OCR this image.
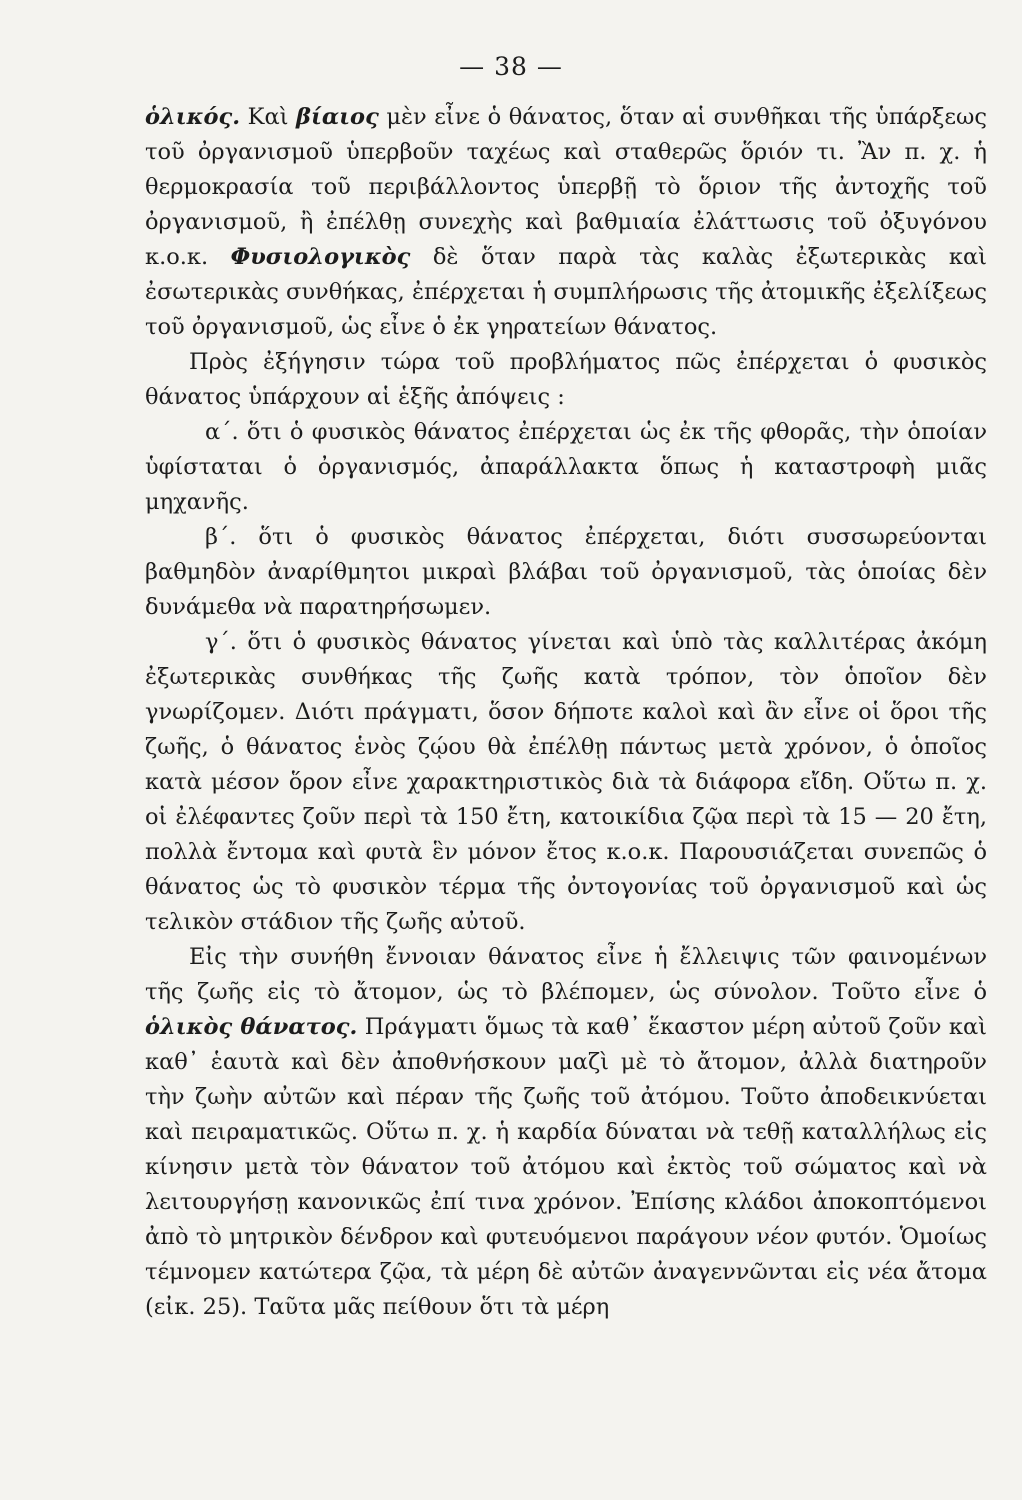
— 38 —

ὁλικός. Καὶ βίαιος μὲν εἶνε ὁ θάνατος, ὅταν αἱ συνθῆκαι τῆς ὑπάρξεως τοῦ ὀργανισμοῦ ὑπερβοῦν ταχέως καὶ σταθερῶς ὅριόν τι. Ἂν π. χ. ἡ θερμοκρασία τοῦ περιβάλλοντος ὑπερβῇ τὸ ὅριον τῆς ἀντοχῆς τοῦ ὀργανισμοῦ, ἢ ἐπέλθῃ συνεχὴς καὶ βαθμιαία ἐλάττωσις τοῦ ὀξυγόνου κ.ο.κ. Φυσιολογικὸς δὲ ὅταν παρὰ τὰς καλὰς ἐξωτερικὰς καὶ ἐσωτερικὰς συνθήκας, ἐπέρχεται ἡ συμπλήρωσις τῆς ἀτομικῆς ἐξελίξεως τοῦ ὀργανισμοῦ, ὡς εἶνε ὁ ἐκ γηρατείων θάνατος.

Πρὸς ἐξήγησιν τώρα τοῦ προβλήματος πῶς ἐπέρχεται ὁ φυσικὸς θάνατος ὑπάρχουν αἱ ἑξῆς ἀπόψεις :

α΄. ὅτι ὁ φυσικὸς θάνατος ἐπέρχεται ὡς ἐκ τῆς φθορᾶς, τὴν ὁποίαν ὑφίσταται ὁ ὀργανισμός, ἀπαράλλακτα ὅπως ἡ καταστροφὴ μιᾶς μηχανῆς.

β΄. ὅτι ὁ φυσικὸς θάνατος ἐπέρχεται, διότι συσσωρεύονται βαθμηδὸν ἀναρίθμητοι μικραὶ βλάβαι τοῦ ὀργανισμοῦ, τὰς ὁποίας δὲν δυνάμεθα νὰ παρατηρήσωμεν.

γ΄. ὅτι ὁ φυσικὸς θάνατος γίνεται καὶ ὑπὸ τὰς καλλιτέρας ἀκόμη ἐξωτερικὰς συνθήκας τῆς ζωῆς κατὰ τρόπον, τὸν ὁποῖον δὲν γνωρίζομεν. Διότι πράγματι, ὅσον δήποτε καλοὶ καὶ ἂν εἶνε οἱ ὅροι τῆς ζωῆς, ὁ θάνατος ἑνὸς ζῴου θὰ ἐπέλθῃ πάντως μετὰ χρόνον, ὁ ὁποῖος κατὰ μέσον ὅρον εἶνε χαρακτηριστικὸς διὰ τὰ διάφορα εἴδη. Οὕτω π. χ. οἱ ἐλέφαντες ζοῦν περὶ τὰ 150 ἔτη, κατοικίδια ζῷα περὶ τὰ 15 — 20 ἔτη, πολλὰ ἔντομα καὶ φυτὰ ἓν μόνον ἔτος κ.ο.κ. Παρουσιάζεται συνεπῶς ὁ θάνατος ὡς τὸ φυσικὸν τέρμα τῆς ὀντογονίας τοῦ ὀργανισμοῦ καὶ ὡς τελικὸν στάδιον τῆς ζωῆς αὐτοῦ.

Εἰς τὴν συνήθη ἔννοιαν θάνατος εἶνε ἡ ἔλλειψις τῶν φαινομένων τῆς ζωῆς εἰς τὸ ἄτομον, ὡς τὸ βλέπομεν, ὡς σύνολον. Τοῦτο εἶνε ὁ ὁλικὸς θάνατος. Πράγματι ὅμως τὰ καθ᾿ ἕκαστον μέρη αὐτοῦ ζοῦν καὶ καθ᾿ ἑαυτὰ καὶ δὲν ἀποθνήσκουν μαζὶ μὲ τὸ ἄτομον, ἀλλὰ διατηροῦν τὴν ζωὴν αὐτῶν καὶ πέραν τῆς ζωῆς τοῦ ἀτόμου. Τοῦτο ἀποδεικνύεται καὶ πειραματικῶς. Οὕτω π. χ. ἡ καρδία δύναται νὰ τεθῇ καταλλήλως εἰς κίνησιν μετὰ τὸν θάνατον τοῦ ἀτόμου καὶ ἐκτὸς τοῦ σώματος καὶ νὰ λειτουργήσῃ κανονικῶς ἐπί τινα χρόνον. Ἐπίσης κλάδοι ἀποκοπτόμενοι ἀπὸ τὸ μητρικὸν δένδρον καὶ φυτευόμενοι παράγουν νέον φυτόν. Ὁμοίως τέμνομεν κατώτερα ζῷα, τὰ μέρη δὲ αὐτῶν ἀναγεννῶνται εἰς νέα ἄτομα (εἰκ. 25). Ταῦτα μᾶς πείθουν ὅτι τὰ μέρη
